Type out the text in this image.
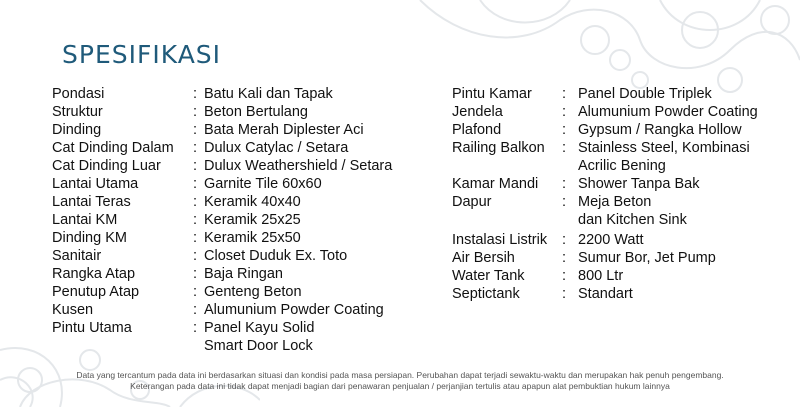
SPESIFIKASI
Pondasi	: Batu Kali dan Tapak
Struktur	: Beton Bertulang
Dinding	: Bata Merah Diplester Aci
Cat Dinding Dalam : Dulux Catylac / Setara
Cat Dinding Luar : Dulux Weathershield / Setara
Lantai Utama	: Garnite Tile 60x60
Lantai Teras	: Keramik 40x40
Lantai KM	: Keramik 25x25
Dinding KM	: Keramik 25x50
Sanitair	: Closet Duduk Ex. Toto
Rangka Atap	: Baja Ringan
Penutup Atap	: Genteng Beton
Kusen	: Alumunium Powder Coating
Pintu Utama	: Panel Kayu Solid
Smart Door Lock
Pintu Kamar : Panel Double Triplek
Jendela	: Alumunium Powder Coating
Plafond	: Gypsum / Rangka Hollow
Railing Balkon : Stainless Steel, Kombinasi
Acrilic Bening
Kamar Mandi : Shower Tanpa Bak
Dapur	: Meja Beton
dan Kitchen Sink
Instalasi Listrik : 2200 Watt
Air Bersih	: Sumur Bor, Jet Pump
Water Tank	: 800 Ltr
Septictank	: Standart
Data yang tercantum pada data ini berdasarkan situasi dan kondisi pada masa persiapan. Perubahan dapat terjadi sewaktu-waktu dan merupakan hak penuh pengembang.
Keterangan pada data ini tidak dapat menjadi bagian dari penawaran penjualan / perjanjian tertulis atau apapun alat pembuktian hukum lainnya
